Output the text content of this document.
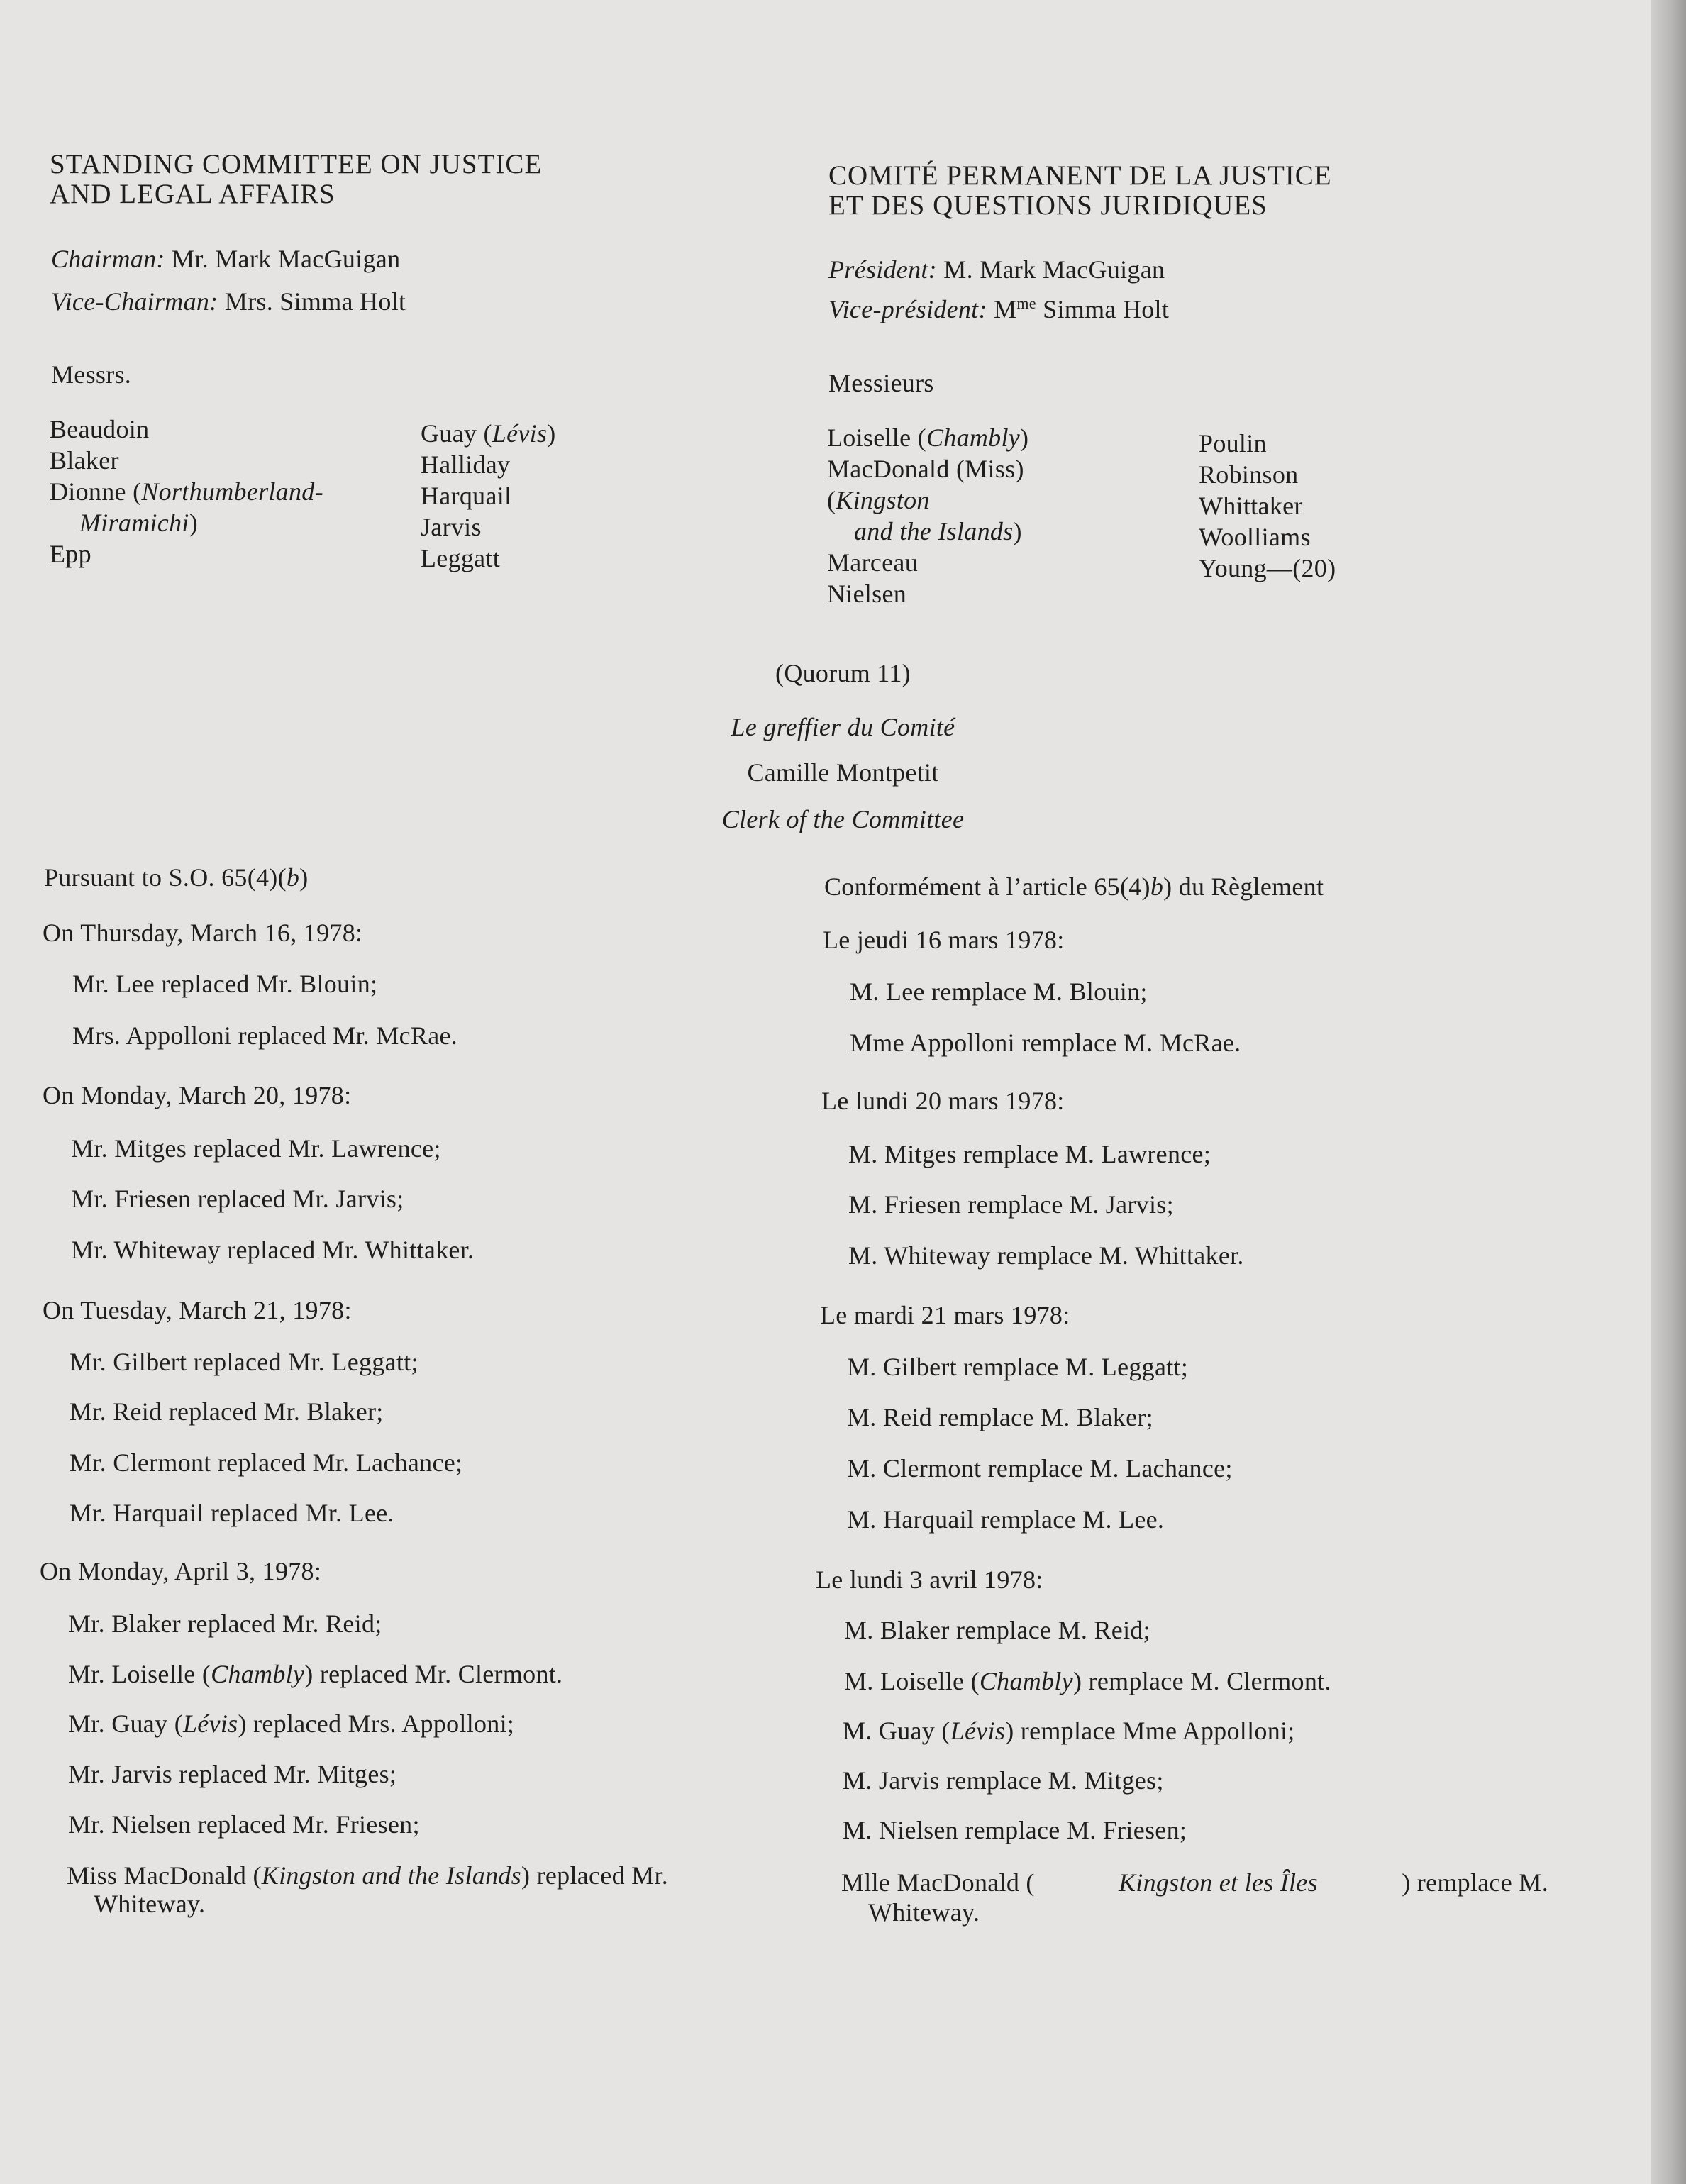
STANDING COMMITTEE ON JUSTICE
AND LEGAL AFFAIRS
Chairman: Mr. Mark MacGuigan
Vice-Chairman: Mrs. Simma Holt
Messrs.
Beaudoin
Blaker
Dionne (Northumberland-
Miramichi)
Epp
Guay (Lévis)
Halliday
Harquail
Jarvis
Leggatt
COMITÉ PERMANENT DE LA JUSTICE
ET DES QUESTIONS JURIDIQUES
Président: M. Mark MacGuigan
Vice-président: $M^{me}$ Simma Holt
Messieurs
Loiselle (Chambly)
MacDonald (Miss)
(Kingston
and the Islands)
Marceau
Nielsen
Poulin
Robinson
Whittaker
Woolliams
Young—(20)
(Quorum 11)
Le greffier du Comité
Camille Montpetit
Clerk of the Committee
Pursuant to S.O. 65(4)(b)
On Thursday, March 16, 1978:
Mr. Lee replaced Mr. Blouin;
Mrs. Appolloni replaced Mr. McRae.
On Monday, March 20, 1978:
Mr. Mitges replaced Mr. Lawrence;
Mr. Friesen replaced Mr. Jarvis;
Mr. Whiteway replaced Mr. Whittaker.
On Tuesday, March 21, 1978:
Mr. Gilbert replaced Mr. Leggatt;
Mr. Reid replaced Mr. Blaker;
Mr. Clermont replaced Mr. Lachance;
Mr. Harquail replaced Mr. Lee.
On Monday, April 3, 1978:
Mr. Blaker replaced Mr. Reid;
Mr. Loiselle (Chambly) replaced Mr. Clermont.
Mr. Guay (Lévis) replaced Mrs. Appolloni;
Mr. Jarvis replaced Mr. Mitges;
Mr. Nielsen replaced Mr. Friesen;
Miss MacDonald (Kingston and the Islands) replaced Mr.
Whiteway.
Conformément à l’article 65(4)b) du Règlement
Le jeudi 16 mars 1978:
M. Lee remplace M. Blouin;
Mme Appolloni remplace M. McRae.
Le lundi 20 mars 1978:
M. Mitges remplace M. Lawrence;
M. Friesen remplace M. Jarvis;
M. Whiteway remplace M. Whittaker.
Le mardi 21 mars 1978:
M. Gilbert remplace M. Leggatt;
M. Reid remplace M. Blaker;
M. Clermont remplace M. Lachance;
M. Harquail remplace M. Lee.
Le lundi 3 avril 1978:
M. Blaker remplace M. Reid;
M. Loiselle (Chambly) remplace M. Clermont.
M. Guay (Lévis) remplace Mme Appolloni;
M. Jarvis remplace M. Mitges;
M. Nielsen remplace M. Friesen;
Mlle MacDonald (	Kingston et les Îles	) remplace M.
Whiteway.
